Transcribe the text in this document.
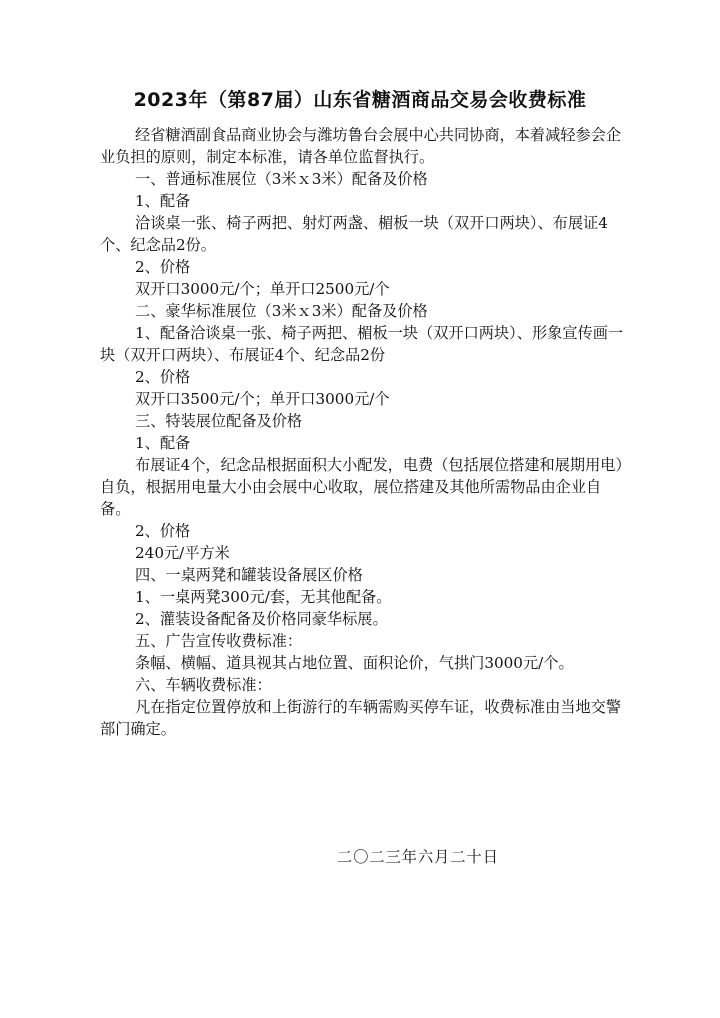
2023年（第87届）山东省糖酒商品交易会收费标准

经省糖酒副食品商业协会与潍坊鲁台会展中心共同协商，本着减轻参会企业负担的原则，制定本标准，请各单位监督执行。

一、普通标准展位（3米ｘ3米）配备及价格

1、配备

洽谈桌一张、椅子两把、射灯两盏、楣板一块（双开口两块）、布展证4个、纪念品2份。

2、价格

双开口3000元/个；单开口2500元/个

二、豪华标准展位（3米ｘ3米）配备及价格

1、配备洽谈桌一张、椅子两把、楣板一块（双开口两块）、形象宣传画一块（双开口两块）、布展证4个、纪念品2份

2、价格

双开口3500元/个；单开口3000元/个

三、特装展位配备及价格

1、配备

布展证4个，纪念品根据面积大小配发，电费（包括展位搭建和展期用电）自负，根据用电量大小由会展中心收取，展位搭建及其他所需物品由企业自备。

2、价格

240元/平方米

四、一桌两凳和罐装设备展区价格

1、一桌两凳300元/套，无其他配备。

2、灌装设备配备及价格同豪华标展。

五、广告宣传收费标准：

条幅、横幅、道具视其占地位置、面积论价，气拱门3000元/个。

六、车辆收费标准：

凡在指定位置停放和上街游行的车辆需购买停车证，收费标准由当地交警部门确定。

二〇二三年六月二十日
